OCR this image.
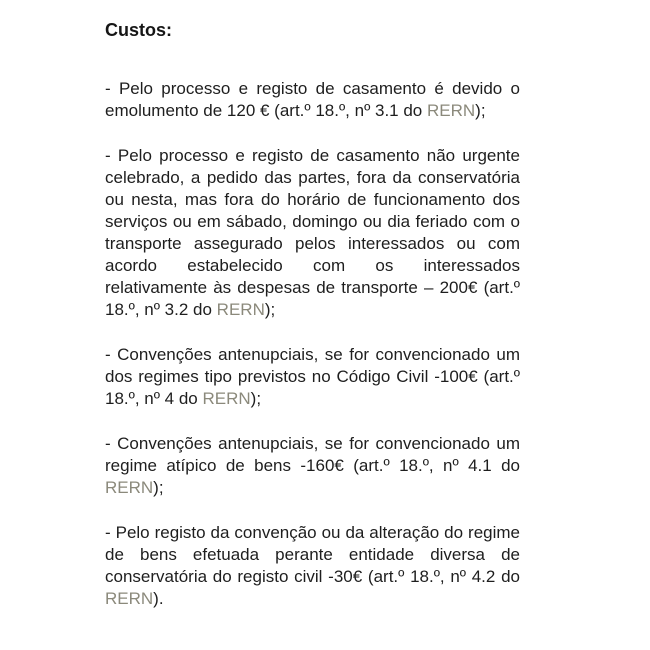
Custos:

- Pelo processo e registo de casamento é devido o emolumento de 120 € (art.º 18.º, nº 3.1 do RERN);

- Pelo processo e registo de casamento não urgente celebrado, a pedido das partes, fora da conservatória ou nesta, mas fora do horário de funcionamento dos serviços ou em sábado, domingo ou dia feriado com o transporte assegurado pelos interessados ou com acordo estabelecido com os interessados relativamente às despesas de transporte – 200€ (art.º 18.º, nº 3.2 do RERN);

- Convenções antenupciais, se for convencionado um dos regimes tipo previstos no Código Civil -100€ (art.º 18.º, nº 4 do RERN);

- Convenções antenupciais, se for convencionado um regime atípico de bens -160€ (art.º 18.º, nº 4.1 do RERN);

- Pelo registo da convenção ou da alteração do regime de bens efetuada perante entidade diversa de conservatória do registo civil -30€ (art.º 18.º, nº 4.2 do RERN).
